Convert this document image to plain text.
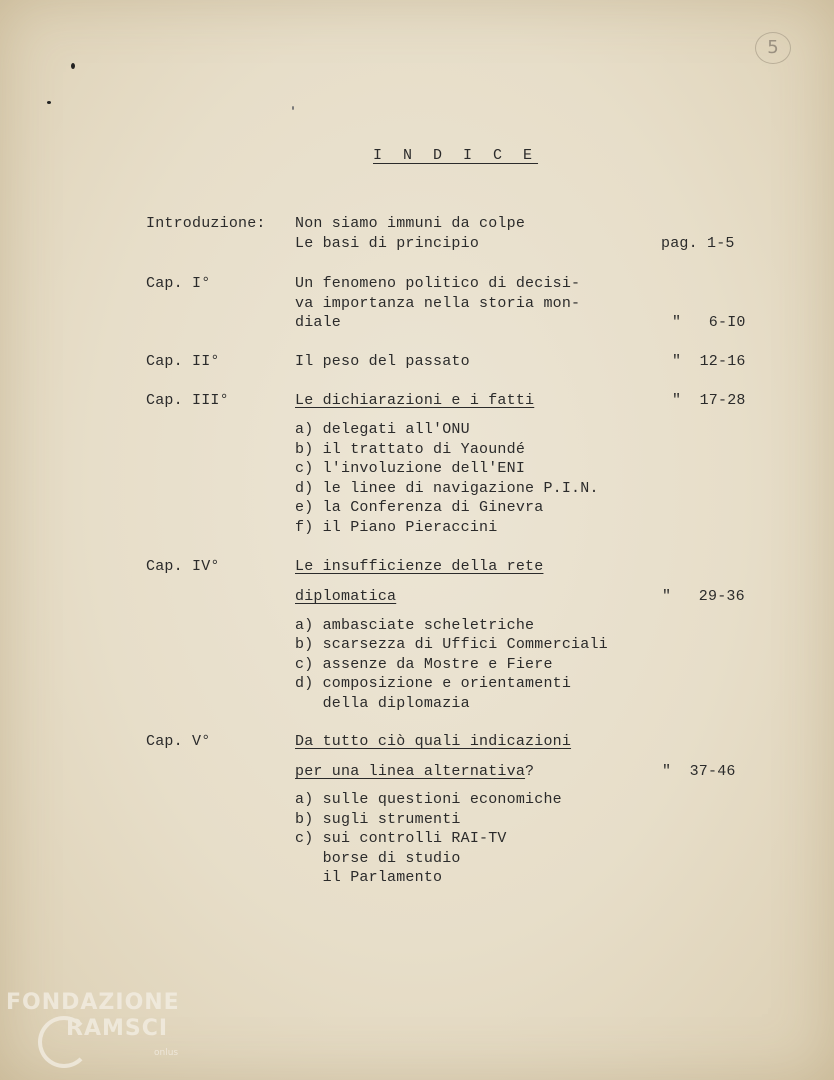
5
I N D I C E
Introduzione: Non siamo immuni da colpe
Le basi di principio	pag. 1-5
Cap. I°	Un fenomeno politico di decisi-
va importanza nella storia mon-
diale	"   6-I0
Cap. II°	Il peso del passato	"  12-16
Cap. III°	Le dichiarazioni e i fatti	"  17-28
a) delegati all'ONU
b) il trattato di Yaoundé
c) l'involuzione dell'ENI
d) le linee di navigazione P.I.N.
e) la Conferenza di Ginevra
f) il Piano Pieraccini
Cap. IV°	Le insufficienze della rete
diplomatica	"   29-36
a) ambasciate scheletriche
b) scarsezza di Uffici Commerciali
c) assenze da Mostre e Fiere
d) composizione e orientamenti
della diplomazia
Cap. V°	Da tutto ciò quali indicazioni
per una linea alternativa?	"  37-46
a) sulle questioni economiche
b) sugli strumenti
c) sui controlli RAI-TV
borse di studio
il Parlamento
FONDAZIONE
RAMSCI
onlus
